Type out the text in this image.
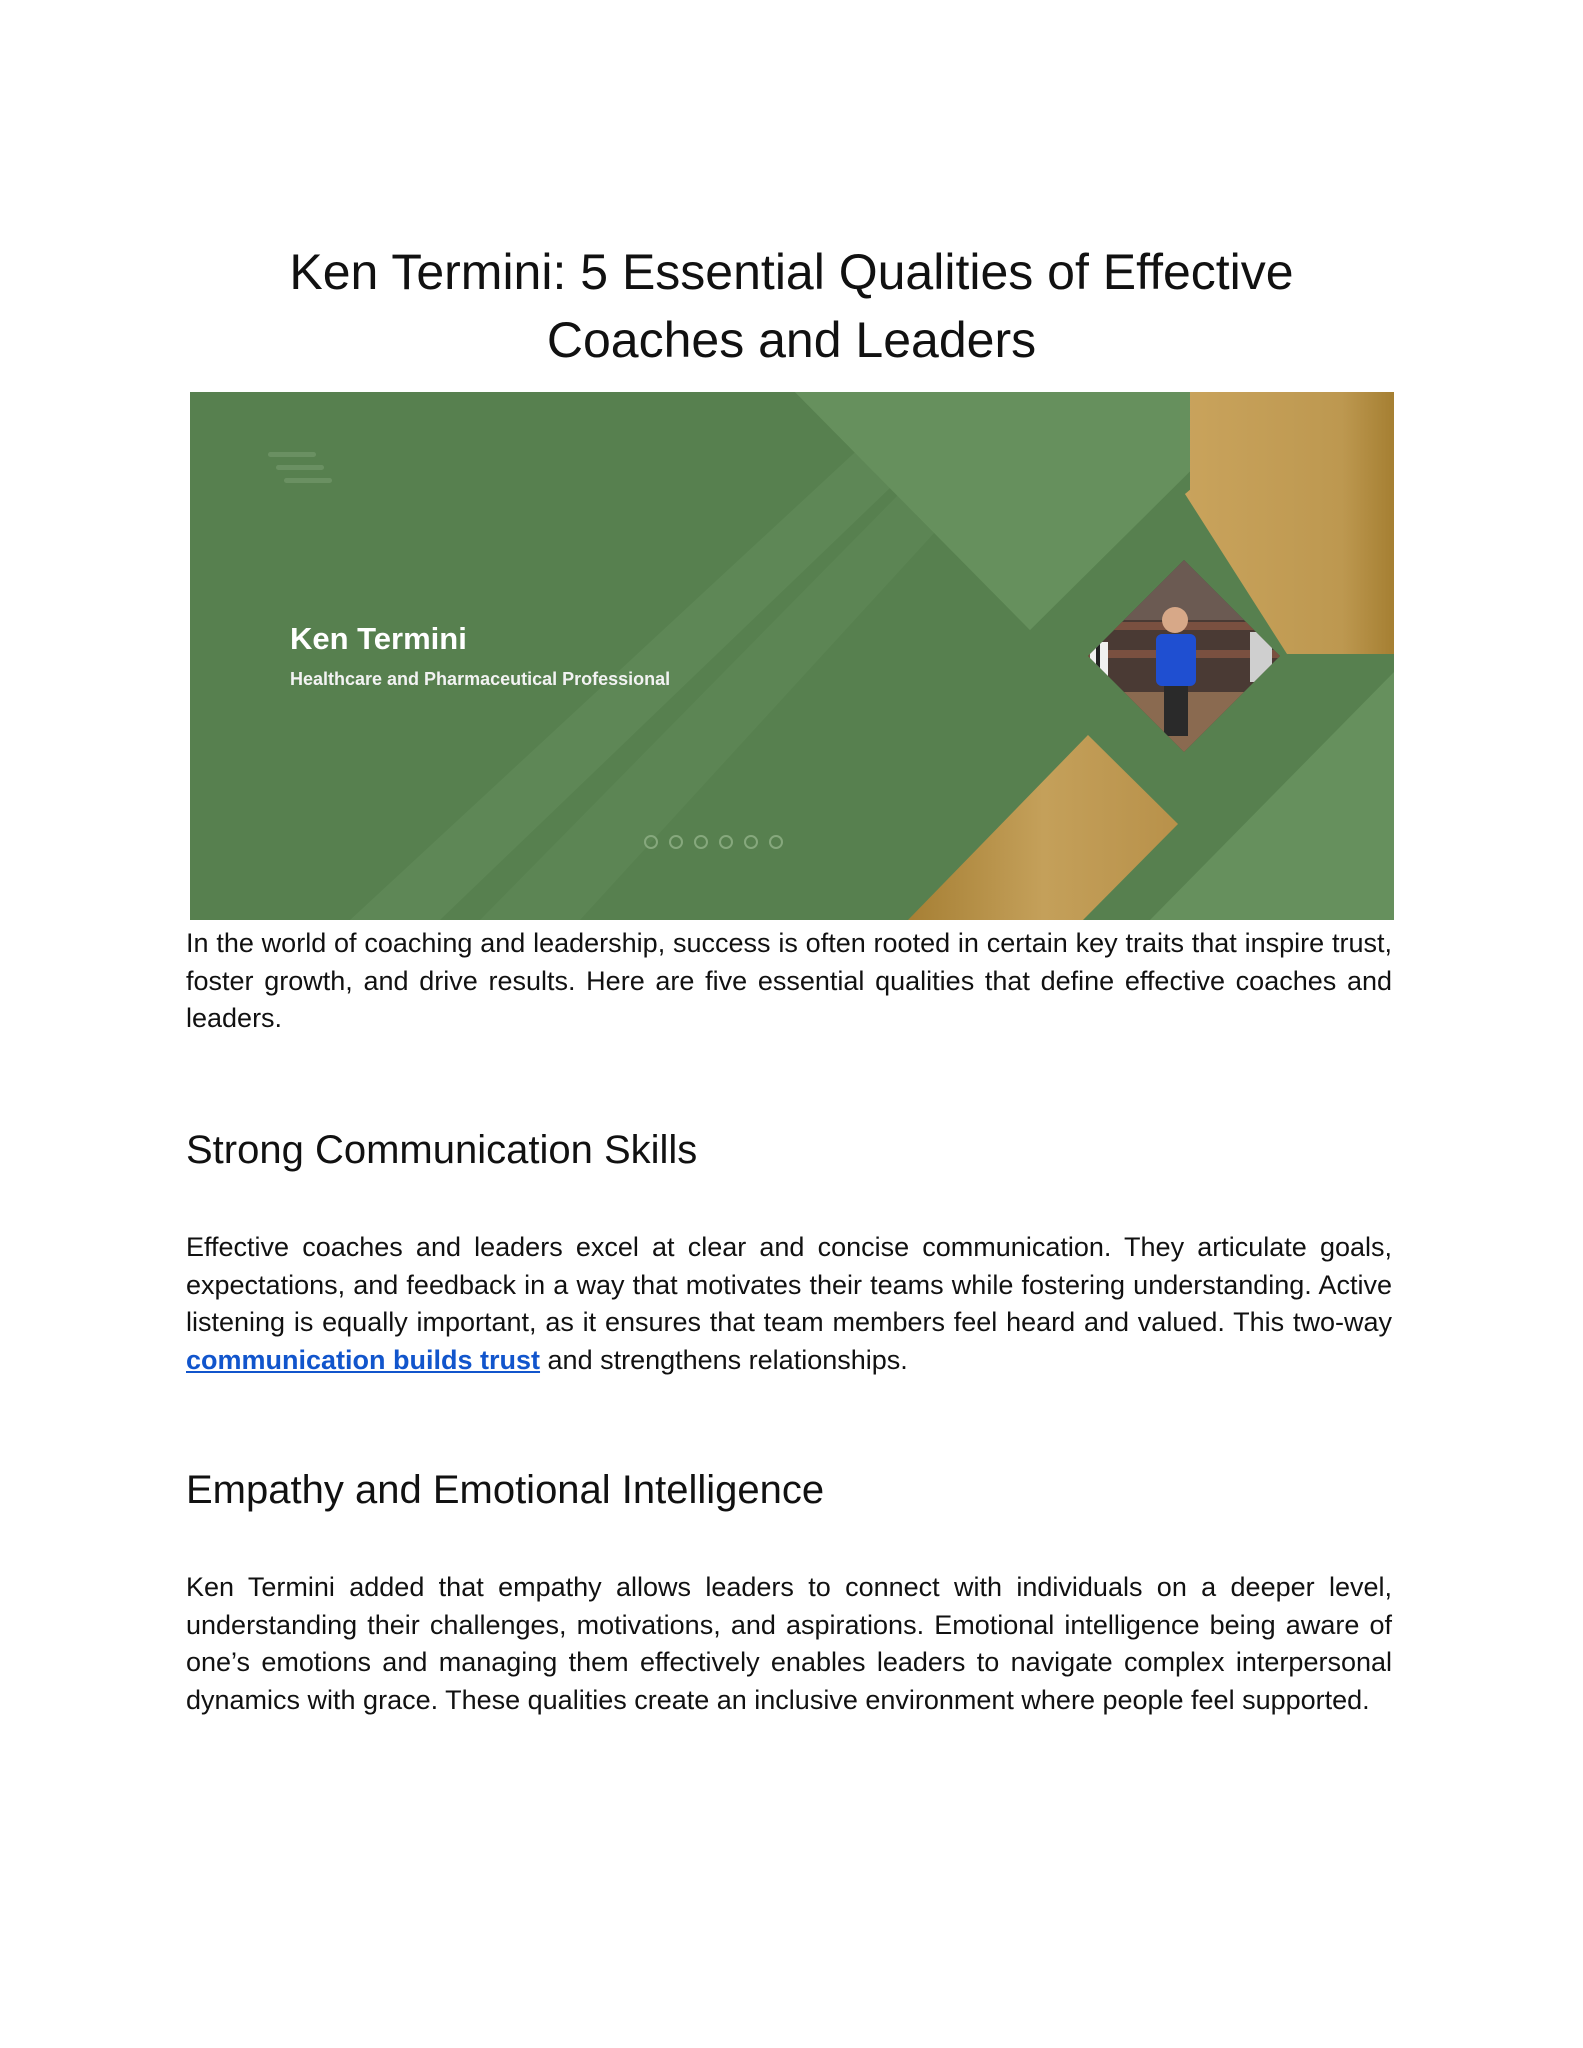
Ken Termini: 5 Essential Qualities of Effective
Coaches and Leaders
Ken Termini
Healthcare and Pharmaceutical Professional

In the world of coaching and leadership, success is often rooted in certain key traits that inspire trust, foster growth, and drive results. Here are five essential qualities that define effective coaches and leaders.

Strong Communication Skills

Effective coaches and leaders excel at clear and concise communication. They articulate goals, expectations, and feedback in a way that motivates their teams while fostering understanding. Active listening is equally important, as it ensures that team members feel heard and valued. This two-way communication builds trust and strengthens relationships.

Empathy and Emotional Intelligence

Ken Termini added that empathy allows leaders to connect with individuals on a deeper level, understanding their challenges, motivations, and aspirations. Emotional intelligence being aware of one’s emotions and managing them effectively enables leaders to navigate complex interpersonal dynamics with grace. These qualities create an inclusive environment where people feel supported.
